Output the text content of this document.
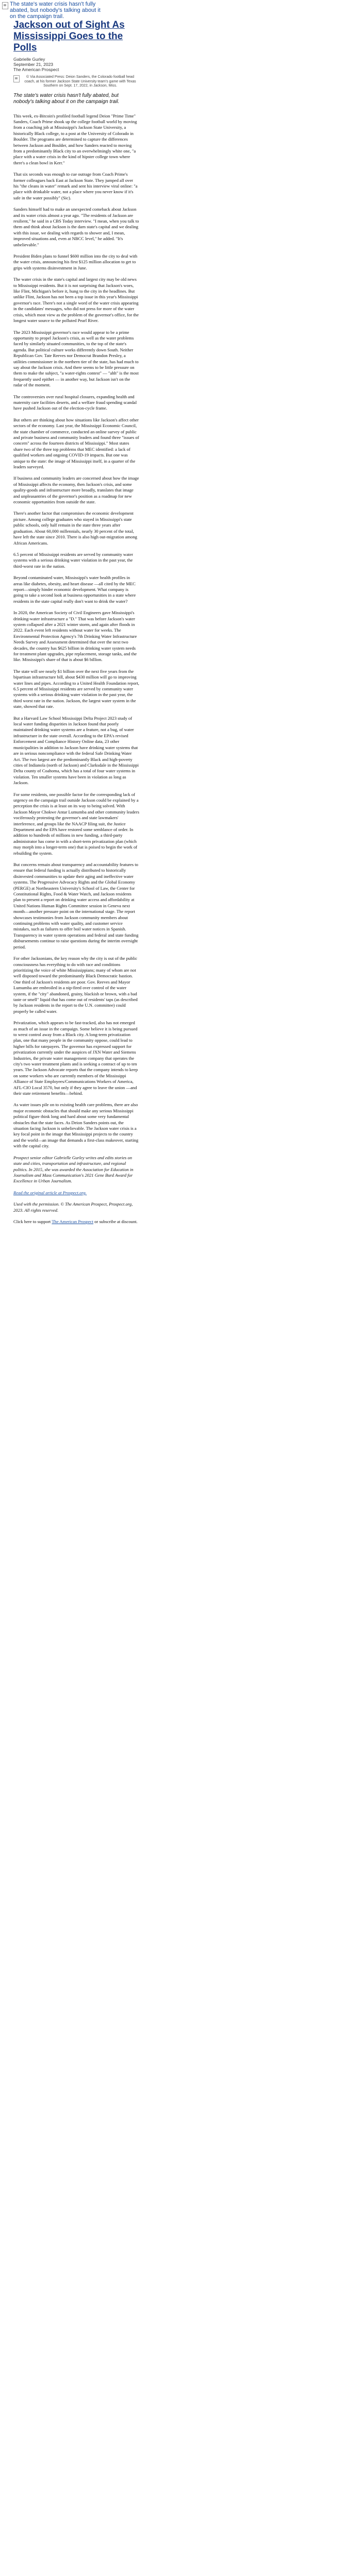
The state's water crisis hasn't fully
abated, but nobody's talking about it
on the campaign trail.
Jackson out of Sight As Mississippi Goes to the Polls
Gabrielle Gurley
September 21, 2023
The American Prospect
© Via Associated Press: Deion Sanders, the Colorado football head coach, at his former Jackson State University team's game with Texas Southern on Sept. 17, 2022, in Jackson, Miss.

The state's water crisis hasn't fully abated, but nobody's talking about it on the campaign trail.

This week, ex-Bitcoin's profiled football legend Deion "Prime Time" Sanders, Coach Prime shook up the college football world by moving from a coaching job at Mississippi's Jackson State University, a historically Black college, to a post at the University of Colorado in Boulder. The programs are determined to capture the differences between Jackson and Boulder, and how Sanders reacted to moving from a predominantly Black city to an overwhelmingly white one, "a place with a water crisis in the kind of hipster college town where there's a clean bowl in Kerr."

That six seconds was enough to cue outrage from Coach Prime's former colleagues back East at Jackson State. They jumped all over his "the cleans in water" remark and sent his interview viral online: "a place with drinkable water, not a place where you never know if it's safe in the water possibly" (Sic).

Sanders himself had to make an unexpected comeback about Jackson and its water crisis almost a year ago. "The residents of Jackson are resilient," he said in a CBS Today interview. "I mean, when you talk to them and think about Jackson is the darn state's capital and we dealing with this issue, we dealing with regards to shower and, I mean, improved situations and, even at NBCC level," he added. "It's unbelievable."

President Biden plans to funnel $600 million into the city to deal with the water crisis, announcing his first $125 million allocation to get to grips with systems disinvestment in June.

The water crisis in the state's capital and largest city may be old news to Mississippi residents. But it is not surprising that Jackson's woes, like Flint, Michigan's before it, hung to the city in the headlines. But unlike Flint, Jackson has not been a top issue in this year's Mississippi governor's race. There's not a single word of the water crisis appearing in the candidates' messages, who did not press for more of the water crisis, which most view as the problem of the governor's office, for the longest water source to the polluted Pearl River.

The 2023 Mississippi governor's race would appear to be a prime opportunity to propel Jackson's crisis, as well as the water problems faced by similarly situated communities, to the top of the state's agenda. But political culture works differently down South. Neither Republican Gov. Tate Reeves nor Democrat Brandon Presley, a utilities commissioner in the northern tier of the state, has had much to say about the Jackson crisis. And there seems to be little pressure on them to make the subject, "a water-rights contest" — "ahh" is the most frequently used epithet — in another way, but Jackson isn't on the radar of the moment.

The controversies over rural hospital closures, expanding health and maternity care facilities deserts, and a welfare fraud spending scandal have pushed Jackson out of the election-cycle frame.

But others are thinking about how situations like Jackson's affect other sectors of the economy. Last year, the Mississippi Economic Council, the state chamber of commerce, conducted an online survey of public and private business and community leaders and found three "issues of concern" across the fourteen districts of Mississippi." Most states share two of the three top problems that MEC identified: a lack of qualified workers and ongoing COVID-19 impacts. But one was unique to the state: the image of Mississippi itself, in a quarter of the leaders surveyed.

If business and community leaders are concerned about how the image of Mississippi affects the economy, then Jackson's crisis, and some quality-goods and infrastructure more broadly, translates that image and unpleasantries of the governor's position as a roadmap for new economic opportunities from outside the state.

There's another factor that compromises the economic development picture. Among college graduates who stayed in Mississippi's state public schools, only half remain in the state three years after graduation. About 60,000 millennials, nearly 30 percent of the total, have left the state since 2010. There is also high out-migration among African Americans.

6.5 percent of Mississippi residents are served by community water systems with a serious drinking water violation in the past year, the third-worst rate in the nation.

Beyond contaminated water, Mississippi's water health profiles in areas like diabetes, obesity, and heart disease —all cited by the MEC report—simply hinder economic development. What company is going to take a second look at business opportunities in a state where residents in the state capital really don't want to drink the water?

In 2020, the American Society of Civil Engineers gave Mississippi's drinking-water infrastructure a "D." That was before Jackson's water system collapsed after a 2021 winter storm, and again after floods in 2022. Each event left residents without water for weeks. The Environmental Protection Agency's 7th Drinking Water Infrastructure Needs Survey and Assessment determined that over the next two decades, the country has $625 billion in drinking water system needs for treatment plant upgrades, pipe replacement, storage tanks, and the like. Mississippi's share of that is about $6 billion.

The state will see nearly $1 billion over the next five years from the bipartisan infrastructure bill, about $430 million will go to improving water lines and pipes. According to a United Health Foundation report, 6.5 percent of Mississippi residents are served by community water systems with a serious drinking water violation in the past year, the third worst rate in the nation. Jackson, the largest water system in the state, showed that rate.

But a Harvard Law School Mississippi Delta Project 2023 study of local water funding disparities in Jackson found that poorly maintained drinking water systems are a feature, not a bug, of water infrastructure in the state overall. According to the EPA's revised Enforcement and Compliance History Online data, 23 other municipalities in addition to Jackson have drinking water systems that are in serious noncompliance with the federal Safe Drinking Water Act. The two largest are the predominantly Black and high-poverty cities of Indianola (north of Jackson) and Clarksdale in the Mississippi Delta county of Coahoma, which has a total of four water systems in violation. Ten smaller systems have been in violation as long as Jackson.

For some residents, one possible factor for the corresponding lack of urgency on the campaign trail outside Jackson could be explained by a perception the crisis is at least on its way to being solved. With Jackson Mayor Chokwe Antar Lumumba and other community leaders vociferously protesting the governor's and state lawmakers' interference, and groups like the NAACP filing suit, the Justice Department and the EPA have restored some semblance of order. In addition to hundreds of millions in new funding, a third-party administrator has come in with a short-term privatization plan (which may morph into a longer-term one) that is poised to begin the work of rebuilding the system.

But concerns remain about transparency and accountability features to ensure that federal funding is actually distributed to historically disinvested communities to update their aging and ineffective water systems. The Progressive Advocacy Rights and the Global Economy (PERGE) at Northeastern University's School of Law, the Center for Constitutional Rights, Food & Water Watch, and Jackson residents plan to present a report on drinking water access and affordability at United Nations Human Rights Committee session in Geneva next month—another pressure point on the international stage. The report showcases testimonies from Jackson community members about continuing problems with water quality, and customer service mistakes, such as failures to offer boil water notices in Spanish. Transparency in water system operations and federal and state funding disbursements continue to raise questions during the interim oversight period.

For other Jacksonians, the key reason why the city is out of the public consciousness has everything to do with race and conditions prioritizing the voice of white Mississippians; many of whom are not well disposed toward the predominantly Black Democratic bastion. One third of Jackson's residents are poor. Gov. Reeves and Mayor Lumumba are embroiled in a nip-fired over control of the water system, if the "city" abandoned, grainy, blackish or brown, with a bad taste or smell" liquid that has come out of residents' taps (as described by Jackson residents in the report to the U.N. committee) could properly be called water.

Privatization, which appears to be fast-tracked, also has not emerged as much of an issue in the campaign. Some believe it is being pursued to wrest control away from a Black city. A long-term privatization plan, one that many people in the community oppose, could lead to higher bills for ratepayers. The governor has expressed support for privatization currently under the auspices of JXN Water and Siemens Industries, the private water management company that operates the city's two water treatment plants and is seeking a contract of up to ten years. The Jackson Advocate reports that the company intends to keep on some workers who are currently members of the Mississippi Alliance of State Employees/Communications Workers of America, AFL-CIO Local 3570, but only if they agree to leave the union —and their state retirement benefits—behind.

As water issues pile on to existing health care problems, there are also major economic obstacles that should make any serious Mississippi political figure think long and hard about some very fundamental obstacles that the state faces. As Deion Sanders points out, the situation facing Jackson is unbelievable. The Jackson water crisis is a key focal point in the image that Mississippi projects to the country and the world—an image that demands a first-class makeover, starting with the capital city.

Prospect senior editor Gabrielle Gurley writes and edits stories on state and cities, transportation and infrastructure, and regional politics. In 2015, she was awarded the Association for Education in Journalism and Mass Communication's 2021 Gene Burd Award for Excellence in Urban Journalism.

Read the original article at Prospect.org.

Used with the permission. © The American Prospect, Prospect.org, 2023. All rights reserved.

Click here to support The American Prospect or subscribe at discount.
